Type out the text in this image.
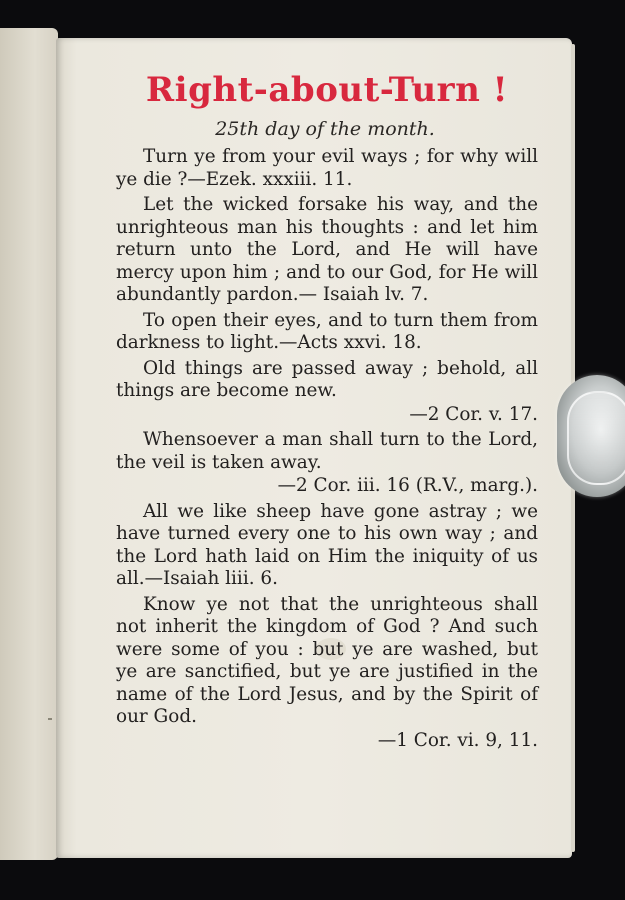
Right-about-Turn !
25th day of the month.

Turn ye from your evil ways ; for why will ye die ?—Ezek. xxxiii. 11.

Let the wicked forsake his way, and the unrighteous man his thoughts : and let him return unto the Lord, and He will have mercy upon him ; and to our God, for He will abundantly pardon.— Isaiah lv. 7.

To open their eyes, and to turn them from darkness to light.—Acts xxvi. 18.

Old things are passed away ; behold, all things are become new.

—2 Cor. v. 17.

Whensoever a man shall turn to the Lord, the veil is taken away.

—2 Cor. iii. 16 (R.V., marg.).

All we like sheep have gone astray ; we have turned every one to his own way ; and the Lord hath laid on Him the iniquity of us all.—Isaiah liii. 6.

Know ye not that the unrighteous shall not inherit the kingdom of God ? And such were some of you : but ye are washed, but ye are sanctified, but ye are justified in the name of the Lord Jesus, and by the Spirit of our God.

—1 Cor. vi. 9, 11.
